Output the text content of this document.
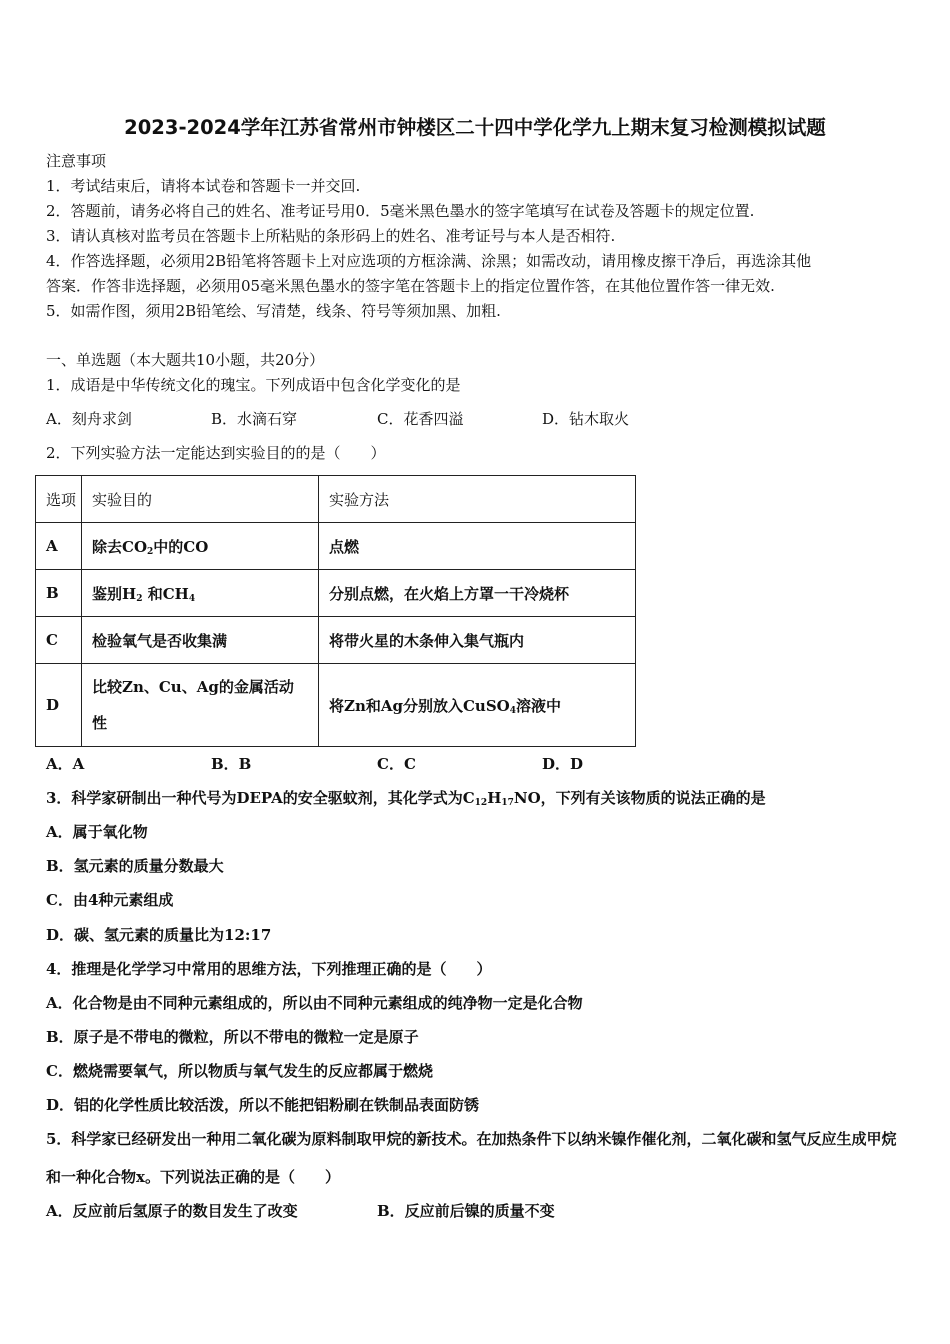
2023-2024学年江苏省常州市钟楼区二十四中学化学九上期末复习检测模拟试题
注意事项
1．考试结束后，请将本试卷和答题卡一并交回.
2．答题前，请务必将自己的姓名、准考证号用0．5毫米黑色墨水的签字笔填写在试卷及答题卡的规定位置.
3．请认真核对监考员在答题卡上所粘贴的条形码上的姓名、准考证号与本人是否相符.
4．作答选择题，必须用2B铅笔将答题卡上对应选项的方框涂满、涂黑；如需改动，请用橡皮擦干净后，再选涂其他
答案．作答非选择题，必须用05毫米黑色墨水的签字笔在答题卡上的指定位置作答，在其他位置作答一律无效.
5．如需作图，须用2B铅笔绘、写清楚，线条、符号等须加黑、加粗.
一、单选题（本大题共10小题，共20分）
1．成语是中华传统文化的瑰宝。下列成语中包含化学变化的是
A．刻舟求剑	B．水滴石穿	C．花香四溢	D．钻木取火
2．下列实验方法一定能达到实验目的的是（　　）
选项	实验目的	实验方法
A	除去$CO_2$中的CO	点燃
B	鉴别$H_2$ 和$CH_4$	分别点燃，在火焰上方罩一干冷烧杯
C	检验氧气是否收集满	将带火星的木条伸入集气瓶内
D	比较Zn、Cu、Ag的金属活动性	将Zn和Ag分别放入CuSO$_4$溶液中
A．A	B．B	C．C	D．D
3．科学家研制出一种代号为DEPA的安全驱蚊剂，其化学式为$C_{12}H_{17}NO$，下列有关该物质的说法正确的是
A．属于氧化物
B．氢元素的质量分数最大
C．由4种元素组成
D．碳、氢元素的质量比为12:17
4．推理是化学学习中常用的思维方法，下列推理正确的是（　　）
A．化合物是由不同种元素组成的，所以由不同种元素组成的纯净物一定是化合物
B．原子是不带电的微粒，所以不带电的微粒一定是原子
C．燃烧需要氧气，所以物质与氧气发生的反应都属于燃烧
D．铝的化学性质比较活泼，所以不能把铝粉刷在铁制品表面防锈
5．科学家已经研发出一种用二氧化碳为原料制取甲烷的新技术。在加热条件下以纳米镍作催化剂，二氧化碳和氢气反应生成甲烷和一种化合物x。下列说法正确的是（　　）
A．反应前后氢原子的数目发生了改变	B．反应前后镍的质量不变
